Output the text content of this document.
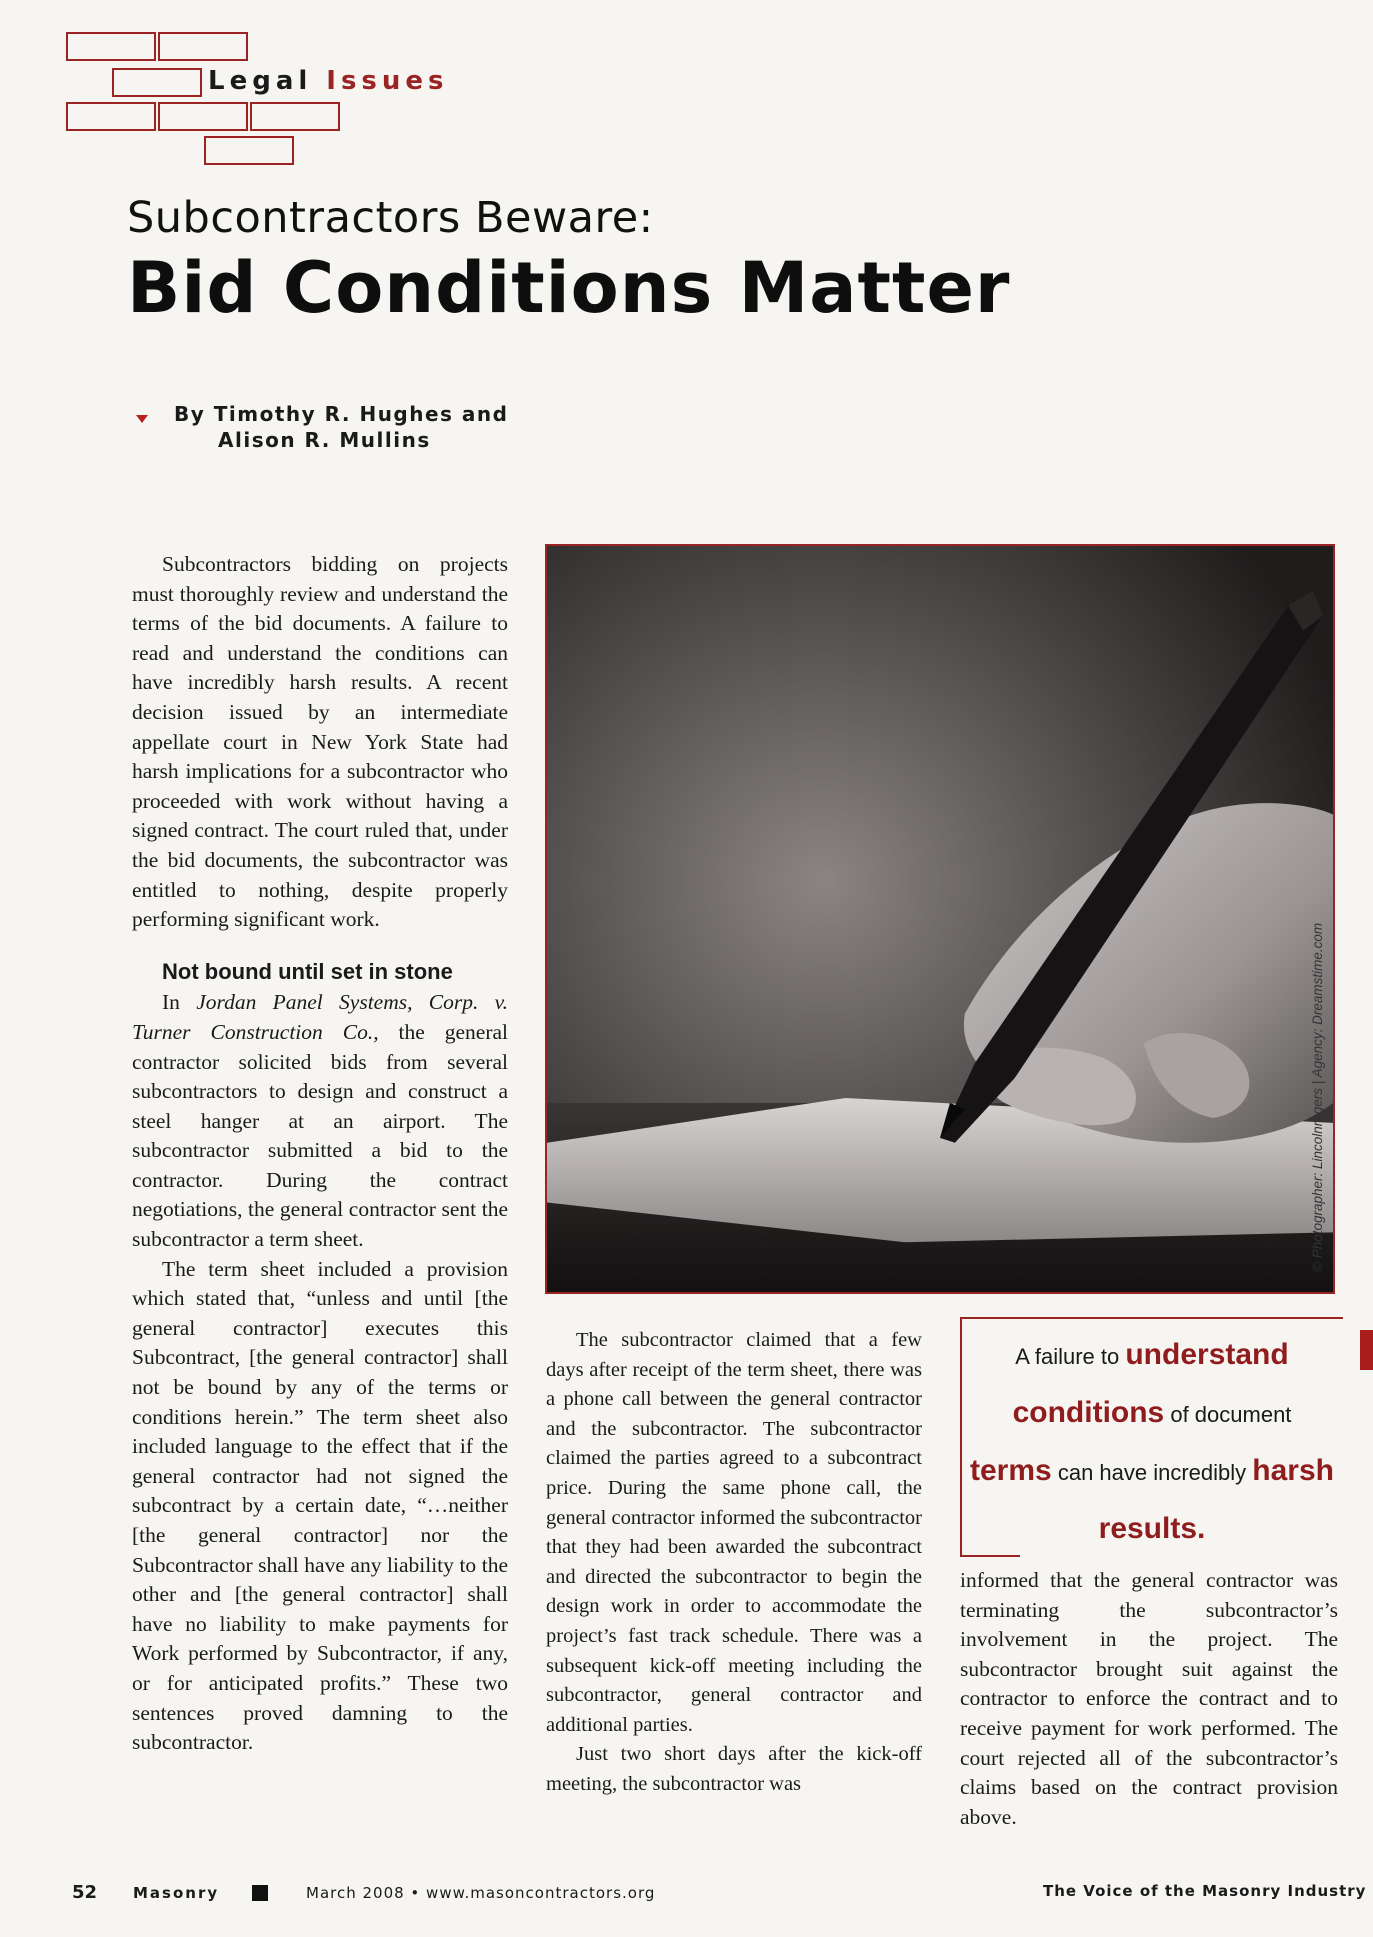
Legal Issues
Subcontractors Beware:
Bid Conditions Matter
By Timothy R. Hughes and
Alison R. Mullins

Subcontractors bidding on projects must thoroughly review and understand the terms of the bid documents. A failure to read and understand the conditions can have incredibly harsh results. A recent decision issued by an intermediate appellate court in New York State had harsh implications for a subcontractor who proceeded with work without having a signed contract. The court ruled that, under the bid documents, the subcontractor was entitled to nothing, despite properly performing significant work.

Not bound until set in stone

In Jordan Panel Systems, Corp. v. Turner Construction Co., the general contractor solicited bids from several subcontractors to design and construct a steel hanger at an airport. The subcontractor submitted a bid to the contractor. During the contract negotiations, the general contractor sent the subcontractor a term sheet.

The term sheet included a provision which stated that, “unless and until [the general contractor] executes this Subcontract, [the general contractor] shall not be bound by any of the terms or conditions herein.” The term sheet also included language to the effect that if the general contractor had not signed the subcontract by a certain date, “…neither [the general contractor] nor the Subcontractor shall have any liability to the other and [the general contractor] shall have no liability to make payments for Work performed by Subcontractor, if any, or for anticipated profits.” These two sentences proved damning to the subcontractor.

© Photographer: Lincolnrogers | Agency: Dreamstime.com

The subcontractor claimed that a few days after receipt of the term sheet, there was a phone call between the general contractor and the subcontractor. The subcontractor claimed the parties agreed to a subcontract price. During the same phone call, the general contractor informed the subcontractor that they had been awarded the subcontract and directed the subcontractor to begin the design work in order to accommodate the project’s fast track schedule. There was a subsequent kick-off meeting including the subcontractor, general contractor and additional parties.

Just two short days after the kick-off meeting, the subcontractor was

A failure to understand
conditions of document
terms can have incredibly harsh
results.

informed that the general contractor was terminating the subcontractor’s involvement in the project. The subcontractor brought suit against the contractor to enforce the contract and to receive payment for work performed. The court rejected all of the subcontractor’s claims based on the contract provision above.

52 Masonry	March 2008 • www.masoncontractors.org	The Voice of the Masonry Industry
